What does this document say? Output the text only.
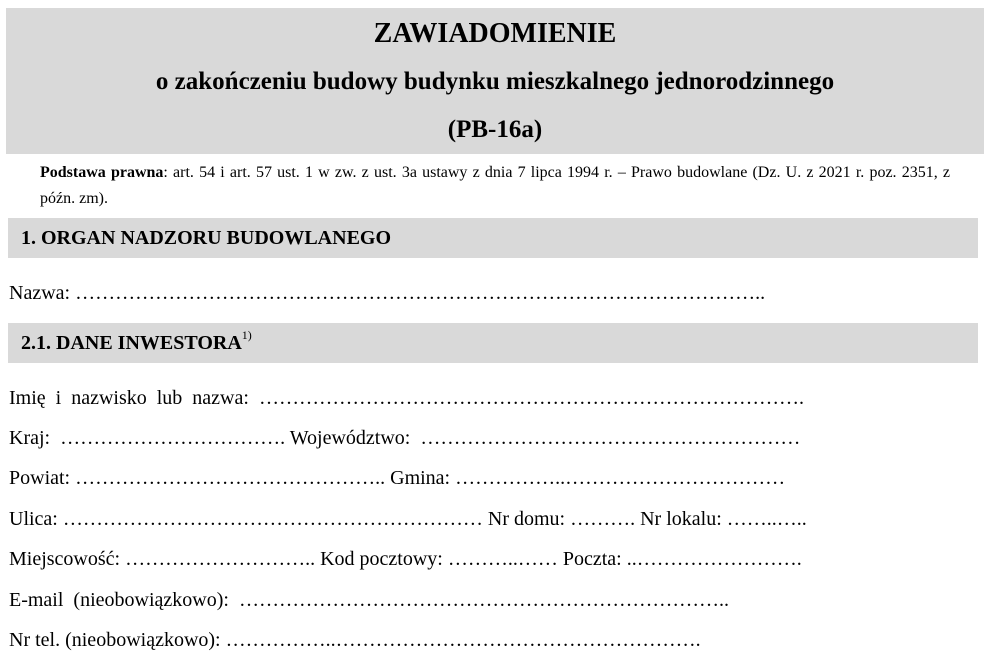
ZAWIADOMIENIE
o zakończeniu budowy budynku mieszkalnego jednorodzinnego
(PB-16a)
Podstawa prawna: art. 54 i art. 57 ust. 1 w zw. z ust. 3a ustawy z dnia 7 lipca 1994 r. – Prawo budowlane (Dz. U. z 2021 r. poz. 2351, z późn. zm).
1. ORGAN NADZORU BUDOWLANEGO
Nazwa: …………………………………………………………………………………………..
2.1. DANE INWESTORA$^{1)}$
Imię  i  nazwisko  lub  nazwa:  ……………………………………………………………………….
Kraj:  ……………………………. Województwo:  …………………………………………………
Powiat: ……………………………………….. Gmina: ……………..……………………………
Ulica: ……………………………………………………… Nr domu: ………. Nr lokalu: ……..…..
Miejscowość: ……………………….. Kod pocztowy: ………..…… Poczta: ..…………………….
E-mail  (nieobowiązkowo):  ………………………………………………………………..
Nr tel. (nieobowiązkowo): ……………..……………………………………………….
